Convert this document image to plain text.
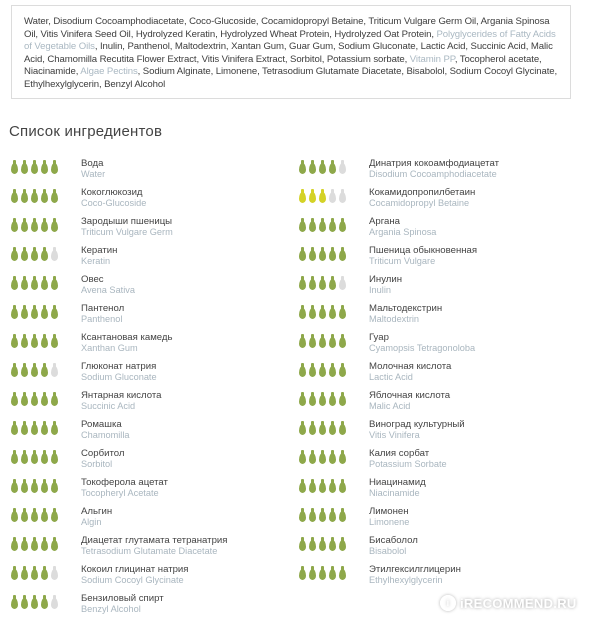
Water, Disodium Cocoamphodiacetate, Coco-Glucoside, Cocamidopropyl Betaine, Triticum Vulgare Germ Oil, Argania Spinosa Oil, Vitis Vinifera Seed Oil, Hydrolyzed Keratin, Hydrolyzed Wheat Protein, Hydrolyzed Oat Protein, Polyglycerides of Fatty Acids of Vegetable Oils, Inulin, Panthenol, Maltodextrin, Xantan Gum, Guar Gum, Sodium Gluconate, Lactic Acid, Succinic Acid, Malic Acid, Chamomilla Recutita Flower Extract, Vitis Vinifera Extract, Sorbitol, Potassium sorbate, Vitamin PP, Tocopherol acetate, Niacinamide, Algae Pectins, Sodium Alginate, Limonene, Tetrasodium Glutamate Diacetate, Bisabolol, Sodium Cocoyl Glycinate, Ethylhexylglycerin, Benzyl Alcohol
Список ингредиентов
Вода
Water
Кокоглюкозид
Coco-Glucoside
Зародыши пшеницы
Triticum Vulgare Germ
Кератин
Keratin
Овес
Avena Sativa
Пантенол
Panthenol
Ксантановая камедь
Xanthan Gum
Глюконат натрия
Sodium Gluconate
Янтарная кислота
Succinic Acid
Ромашка
Chamomilla
Сорбитол
Sorbitol
Токоферола ацетат
Tocopheryl Acetate
Альгин
Algin
Диацетат глутамата тетранатрия
Tetrasodium Glutamate Diacetate
Кокоил глицинат натрия
Sodium Cocoyl Glycinate
Бензиловый спирт
Benzyl Alcohol
Динатрия кокоамфодиацетат
Disodium Cocoamphodiacetate
Кокамидопропилбетаин
Cocamidopropyl Betaine
Аргана
Argania Spinosa
Пшеница обыкновенная
Triticum Vulgare
Инулин
Inulin
Мальтодекстрин
Maltodextrin
Гуар
Cyamopsis Tetragonoloba
Молочная кислота
Lactic Acid
Яблочная кислота
Malic Acid
Виноград культурный
Vitis Vinifera
Калия сорбат
Potassium Sorbate
Ниацинамид
Niacinamide
Лимонен
Limonene
Бисаболол
Bisabolol
Этилгексилглицерин
Ethylhexylglycerin
i iRECOMMEND.RU
